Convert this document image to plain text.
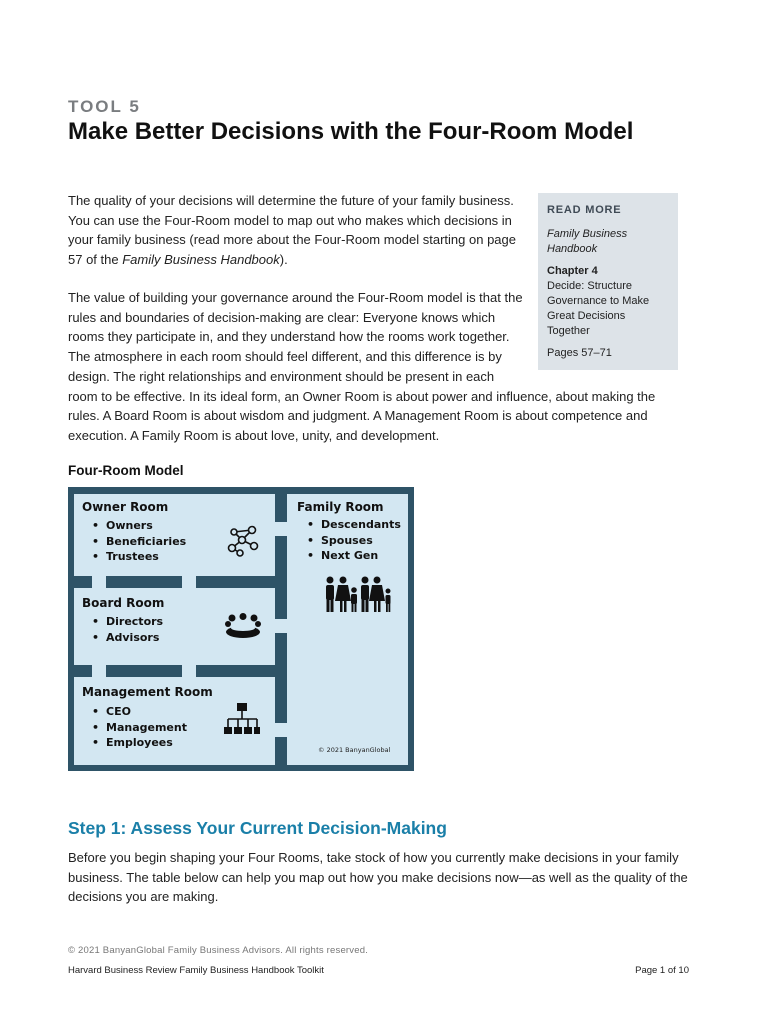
TOOL 5
Make Better Decisions with the Four-Room Model
The quality of your decisions will determine the future of your family business. You can use the Four-Room model to map out who makes which decisions in your family business (read more about the Four-Room model starting on page 57 of the Family Business Handbook).
The value of building your governance around the Four-Room model is that the rules and boundaries of decision-making are clear: Everyone knows which rooms they participate in, and they understand how the rooms work together. The atmosphere in each room should feel different, and this difference is by design. The right relationships and environment should be present in each
room to be effective. In its ideal form, an Owner Room is about power and influence, about making the rules. A Board Room is about wisdom and judgment. A Management Room is about competence and execution. A Family Room is about love, unity, and development.
READ MORE
Family Business Handbook
Chapter 4
Decide: Structure Governance to Make Great Decisions Together
Pages 57–71
Four-Room Model
Owner Room
• Owners
• Beneficiaries
• Trustees
Board Room
• Directors
• Advisors
Management Room
• CEO
• Management
• Employees
Family Room
• Descendants
• Spouses
• Next Gen
© 2021 BanyanGlobal
Step 1: Assess Your Current Decision-Making
Before you begin shaping your Four Rooms, take stock of how you currently make decisions in your family business. The table below can help you map out how you make decisions now—as well as the quality of the decisions you are making.
© 2021 BanyanGlobal Family Business Advisors. All rights reserved.
Harvard Business Review Family Business Handbook Toolkit	Page 1 of 10
